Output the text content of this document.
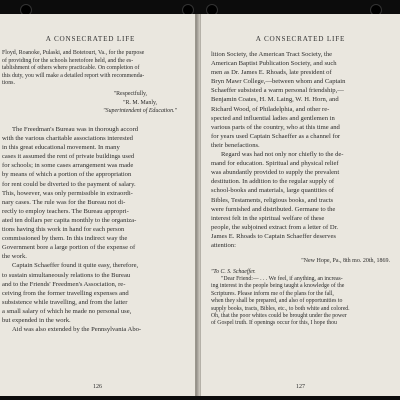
A CONSECRATED LIFE
Floyd, Roanoke, Pulaski, and Botetourt, Va., for the purpose
of providing for the schools heretofore held, and the es-
tablishment of others where practicable. On completion of
this duty, you will make a detailed report with recommenda-
tions.
"Respectfully,
"R. M. Manly,
"Superintendent of Education."
The Freedman's Bureau was in thorough accord
with the various charitable associations interested
in this great educational movement. In many
cases it assumed the rent of private buildings used
for schools; in some cases arrangement was made
by means of which a portion of the appropriation
for rent could be diverted to the payment of salary.
This, however, was only permissible in extraordi-
nary cases. The rule was for the Bureau not di-
rectly to employ teachers. The Bureau appropri-
ated ten dollars per capita monthly to the organiza-
tions having this work in hand for each person
commissioned by them. In this indirect way the
Government bore a large portion of the expense of
the work.
Captain Schaeffer found it quite easy, therefore,
to sustain simultaneously relations to the Bureau
and to the Friends' Freedmen's Association, re-
ceiving from the former travelling expenses and
subsistence while travelling, and from the latter
a small salary of which he made no personal use,
but expended in the work.
Aid was also extended by the Pennsylvania Abo-
126
A CONSECRATED LIFE
lition Society, the American Tract Society, the
American Baptist Publication Society, and such
men as Dr. James E. Rhoads, late president of
Bryn Mawr College,—between whom and Captain
Schaeffer subsisted a warm personal friendship,—
Benjamin Coates, H. M. Laing, W. H. Horn, and
Richard Wood, of Philadelphia, and other re-
spected and influential ladies and gentlemen in
various parts of the country, who at this time and
for years used Captain Schaeffer as a channel for
their benefactions.
Regard was had not only nor chiefly to the de-
mand for education. Spiritual and physical relief
was abundantly provided to supply the prevalent
destitution. In addition to the regular supply of
school-books and materials, large quantities of
Bibles, Testaments, religious books, and tracts
were furnished and distributed. Germane to the
interest felt in the spiritual welfare of these
people, the subjoined extract from a letter of Dr.
James E. Rhoads to Captain Schaeffer deserves
attention:
"New Hope, Pa., 8th mo. 20th, 1869.
"To C. S. Schaeffer.
"Dear Friend:— . . . We feel, if anything, an increas-
ing interest in the people being taught a knowledge of the
Scriptures. Please inform me of the plans for the fall,
when they shall be prepared, and also of opportunities to
supply books, tracts, Bibles, etc., to both white and colored.
Oh, that the poor whites could be brought under the power
of Gospel truth. If openings occur for this, I hope thou
127
